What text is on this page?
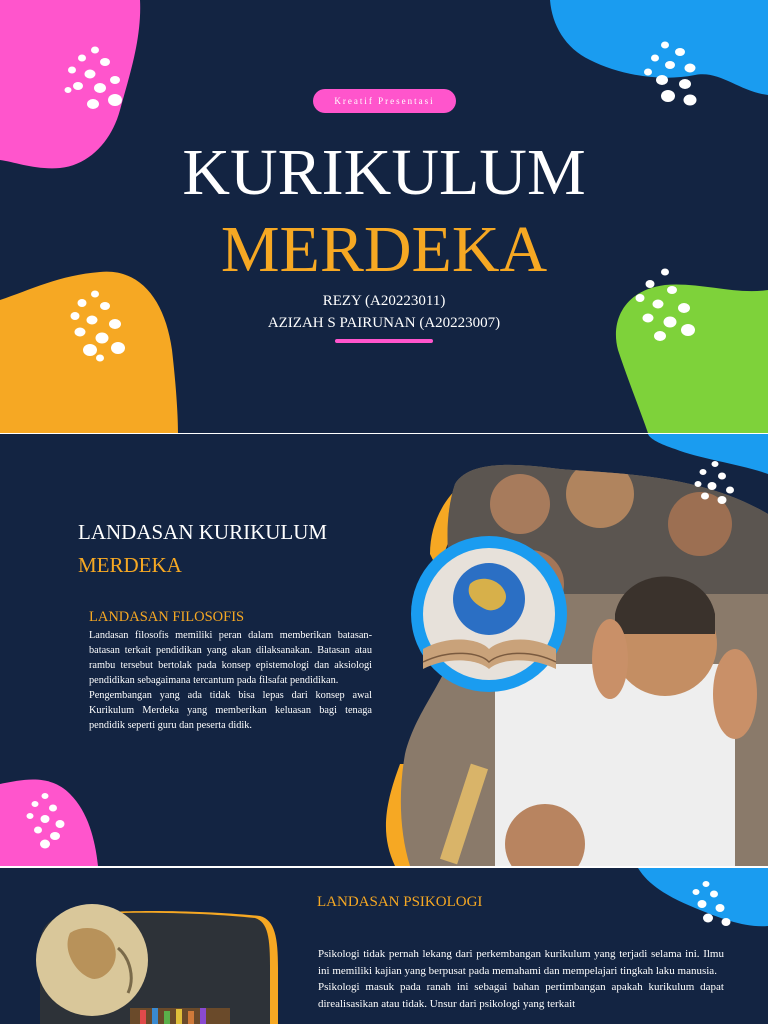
Kreatif Presentasi
KURIKULUM
MERDEKA
REZY (A20223011)
AZIZAH S PAIRUNAN (A20223007)
LANDASAN KURIKULUM
MERDEKA
LANDASAN FILOSOFIS

Landasan filosofis memiliki peran dalam memberikan batasan-batasan terkait pendidikan yang akan dilaksanakan. Batasan atau rambu tersebut bertolak pada konsep epistemologi dan aksiologi pendidikan sebagaimana tercantum pada filsafat pendidikan.

Pengembangan yang ada tidak bisa lepas dari konsep awal Kurikulum Merdeka yang memberikan keluasan bagi tenaga pendidik seperti guru dan peserta didik.

LANDASAN PSIKOLOGI

Psikologi tidak pernah lekang dari perkembangan kurikulum yang terjadi selama ini. Ilmu ini memiliki kajian yang berpusat pada memahami dan mempelajari tingkah laku manusia.

Psikologi masuk pada ranah ini sebagai bahan pertimbangan apakah kurikulum dapat direalisasikan atau tidak. Unsur dari psikologi yang terkait
